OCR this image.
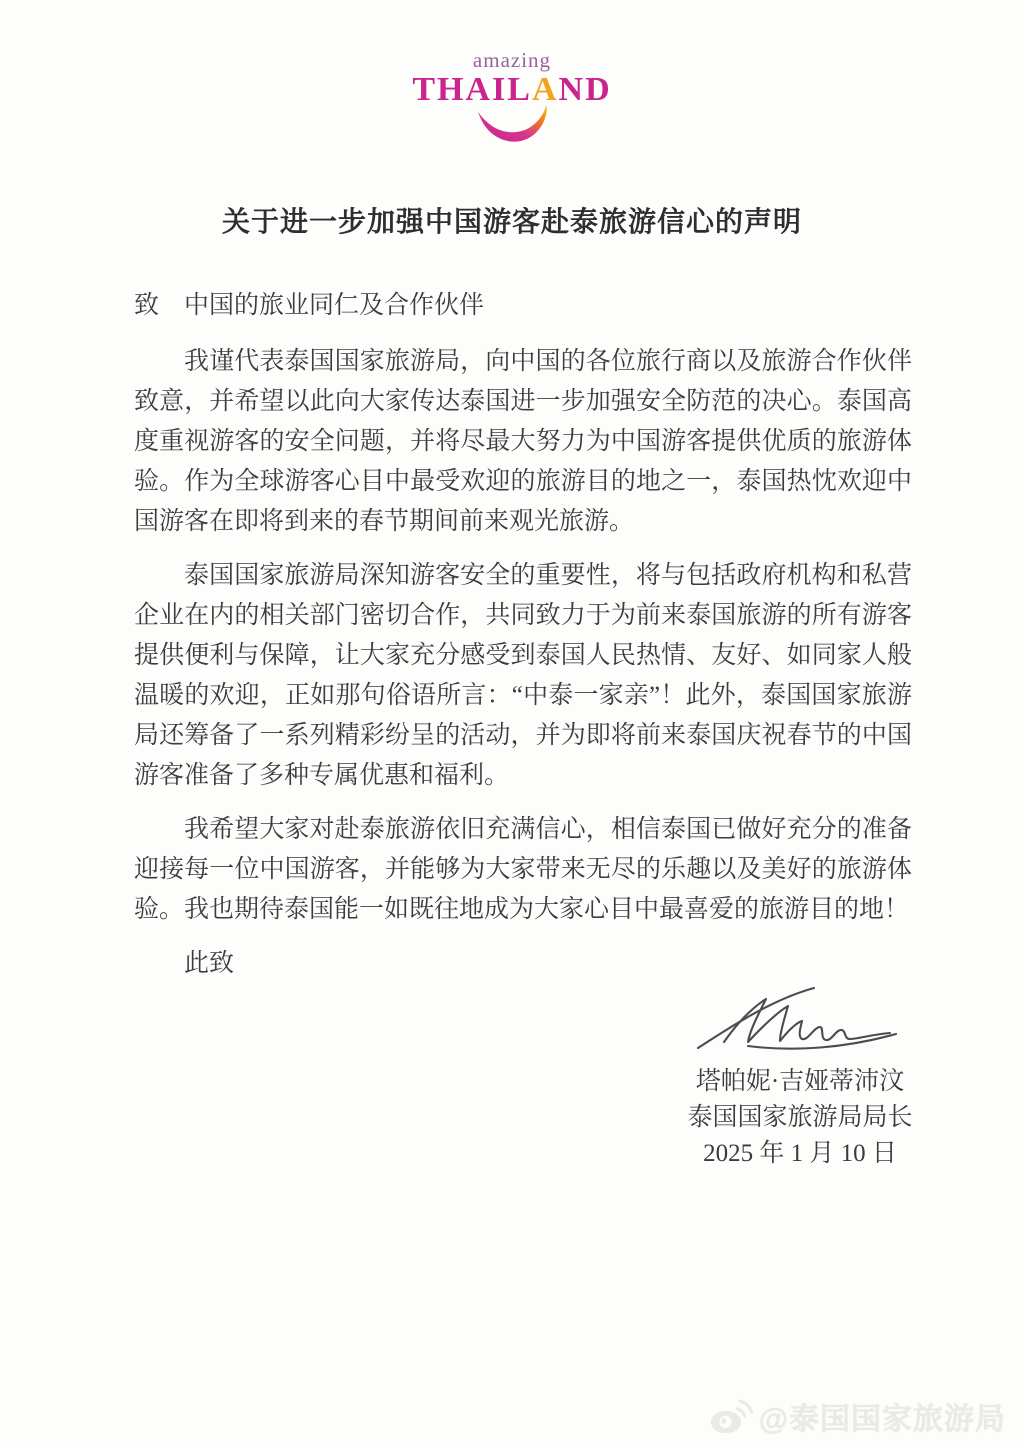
amazing
THAILAND
关于进一步加强中国游客赴泰旅游信心的声明
致　中国的旅业同仁及合作伙伴

我谨代表泰国国家旅游局，向中国的各位旅行商以及旅游合作伙伴致意，并希望以此向大家传达泰国进一步加强安全防范的决心。泰国高度重视游客的安全问题，并将尽最大努力为中国游客提供优质的旅游体验。作为全球游客心目中最受欢迎的旅游目的地之一，泰国热忱欢迎中国游客在即将到来的春节期间前来观光旅游。

泰国国家旅游局深知游客安全的重要性，将与包括政府机构和私营企业在内的相关部门密切合作，共同致力于为前来泰国旅游的所有游客提供便利与保障，让大家充分感受到泰国人民热情、友好、如同家人般温暖的欢迎，正如那句俗语所言：“中泰一家亲”！此外，泰国国家旅游局还筹备了一系列精彩纷呈的活动，并为即将前来泰国庆祝春节的中国游客准备了多种专属优惠和福利。

我希望大家对赴泰旅游依旧充满信心，相信泰国已做好充分的准备迎接每一位中国游客，并能够为大家带来无尽的乐趣以及美好的旅游体验。我也期待泰国能一如既往地成为大家心目中最喜爱的旅游目的地！

此致
塔帕妮·吉娅蒂沛汶
泰国国家旅游局局长
2025 年 1 月 10 日
@泰国国家旅游局
